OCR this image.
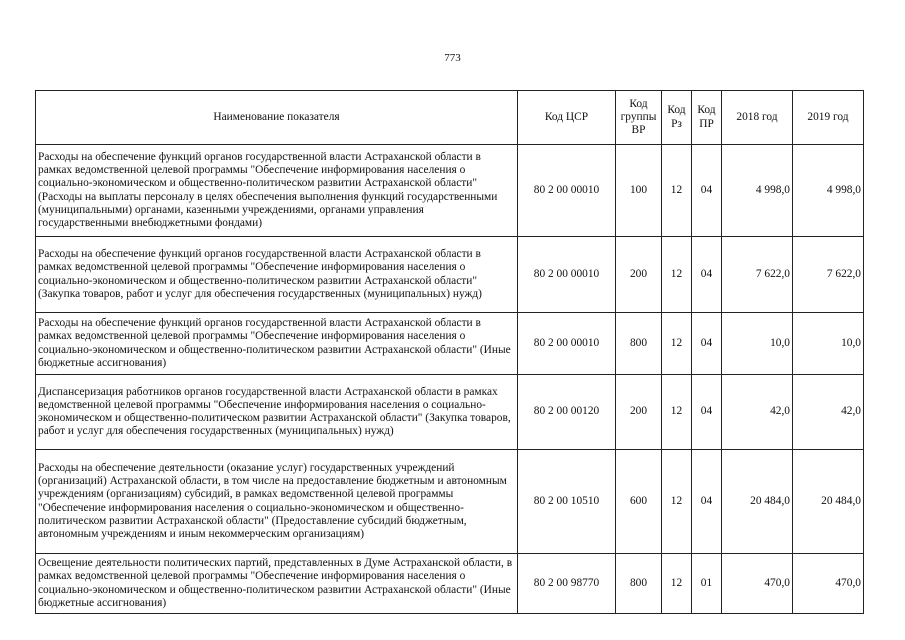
773
Наименование показателя	Код ЦСР	Код группы ВР	Код Рз	Код ПР	2018 год	2019 год
Расходы на обеспечение функций органов государственной власти Астраханской области в рамках ведомственной целевой программы "Обеспечение информирования населения о социально-экономическом и общественно-политическом развитии Астраханской области" (Расходы на выплаты персоналу в целях обеспечения выполнения функций государственными (муниципальными) органами, казенными учреждениями, органами управления государственными внебюджетными фондами)	80 2 00 00010	100	12	04	4 998,0	4 998,0
Расходы на обеспечение функций органов государственной власти Астраханской области в рамках ведомственной целевой программы "Обеспечение информирования населения о социально-экономическом и общественно-политическом развитии Астраханской области" (Закупка товаров, работ и услуг для обеспечения государственных (муниципальных) нужд)	80 2 00 00010	200	12	04	7 622,0	7 622,0
Расходы на обеспечение функций органов государственной власти Астраханской области в рамках ведомственной целевой программы "Обеспечение информирования населения о социально-экономическом и общественно-политическом развитии Астраханской области" (Иные бюджетные ассигнования)	80 2 00 00010	800	12	04	10,0	10,0
Диспансеризация работников органов государственной власти Астраханской области в рамках ведомственной целевой программы "Обеспечение информирования населения о социально-экономическом и общественно-политическом развитии Астраханской области" (Закупка товаров, работ и услуг для обеспечения государственных (муниципальных) нужд)	80 2 00 00120	200	12	04	42,0	42,0
Расходы на обеспечение деятельности (оказание услуг) государственных учреждений (организаций) Астраханской области, в том числе на предоставление бюджетным и автономным учреждениям (организациям) субсидий, в рамках ведомственной целевой программы "Обеспечение информирования населения о социально-экономическом и общественно-политическом развитии Астраханской области" (Предоставление субсидий бюджетным, автономным учреждениям и иным некоммерческим организациям)	80 2 00 10510	600	12	04	20 484,0	20 484,0
Освещение деятельности политических партий, представленных в Думе Астраханской области, в рамках ведомственной целевой программы "Обеспечение информирования населения о социально-экономическом и общественно-политическом развитии Астраханской области" (Иные бюджетные ассигнования)	80 2 00 98770	800	12	01	470,0	470,0
